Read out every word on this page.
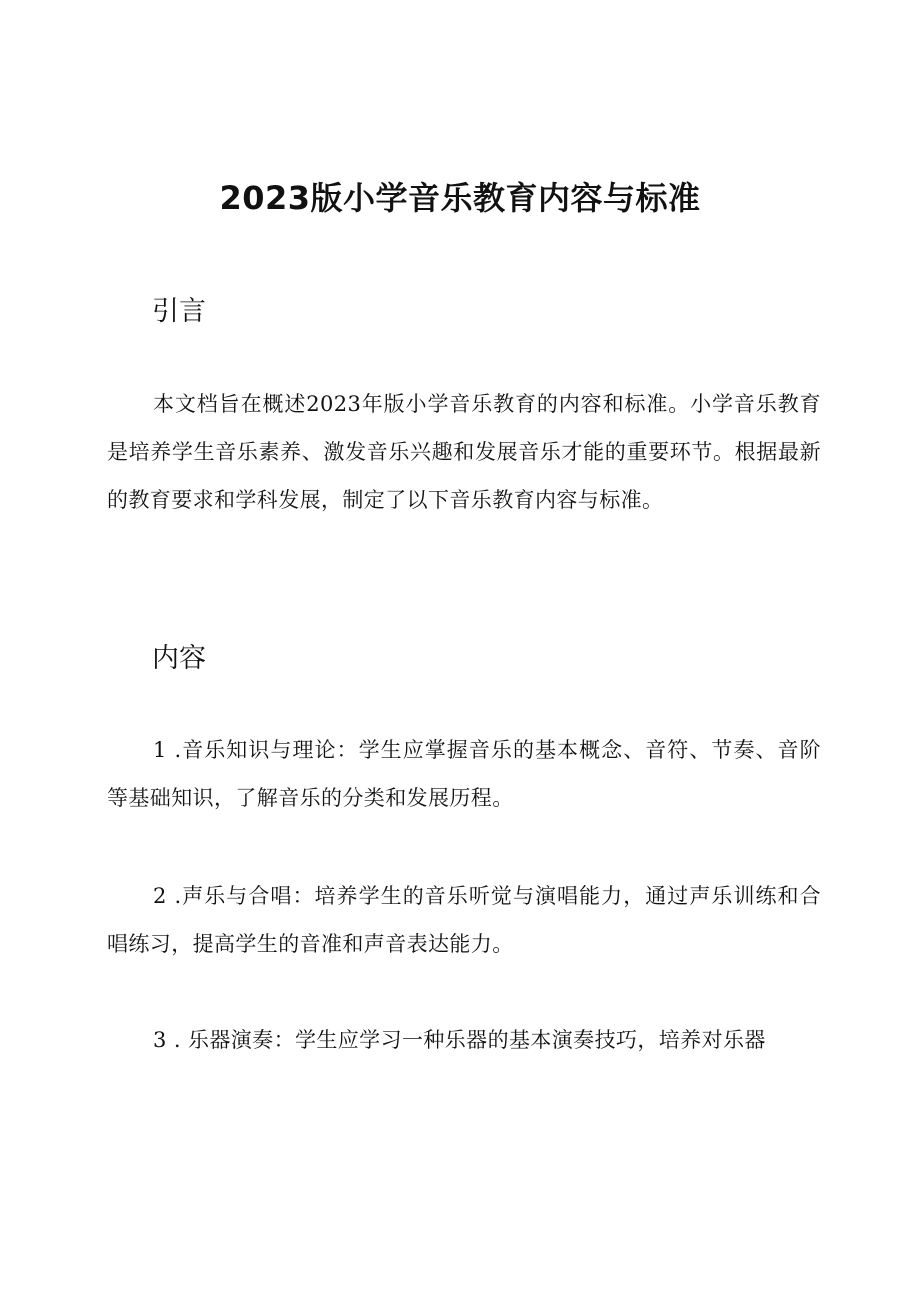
2023版小学音乐教育内容与标准
引言

本文档旨在概述2023年版小学音乐教育的内容和标准。小学音乐教育是培养学生音乐素养、激发音乐兴趣和发展音乐才能的重要环节。根据最新的教育要求和学科发展，制定了以下音乐教育内容与标准。

内容

1 .音乐知识与理论：学生应掌握音乐的基本概念、音符、节奏、音阶等基础知识，了解音乐的分类和发展历程。

2 .声乐与合唱：培养学生的音乐听觉与演唱能力，通过声乐训练和合唱练习，提高学生的音准和声音表达能力。

3 . 乐器演奏：学生应学习一种乐器的基本演奏技巧，培养对乐器
